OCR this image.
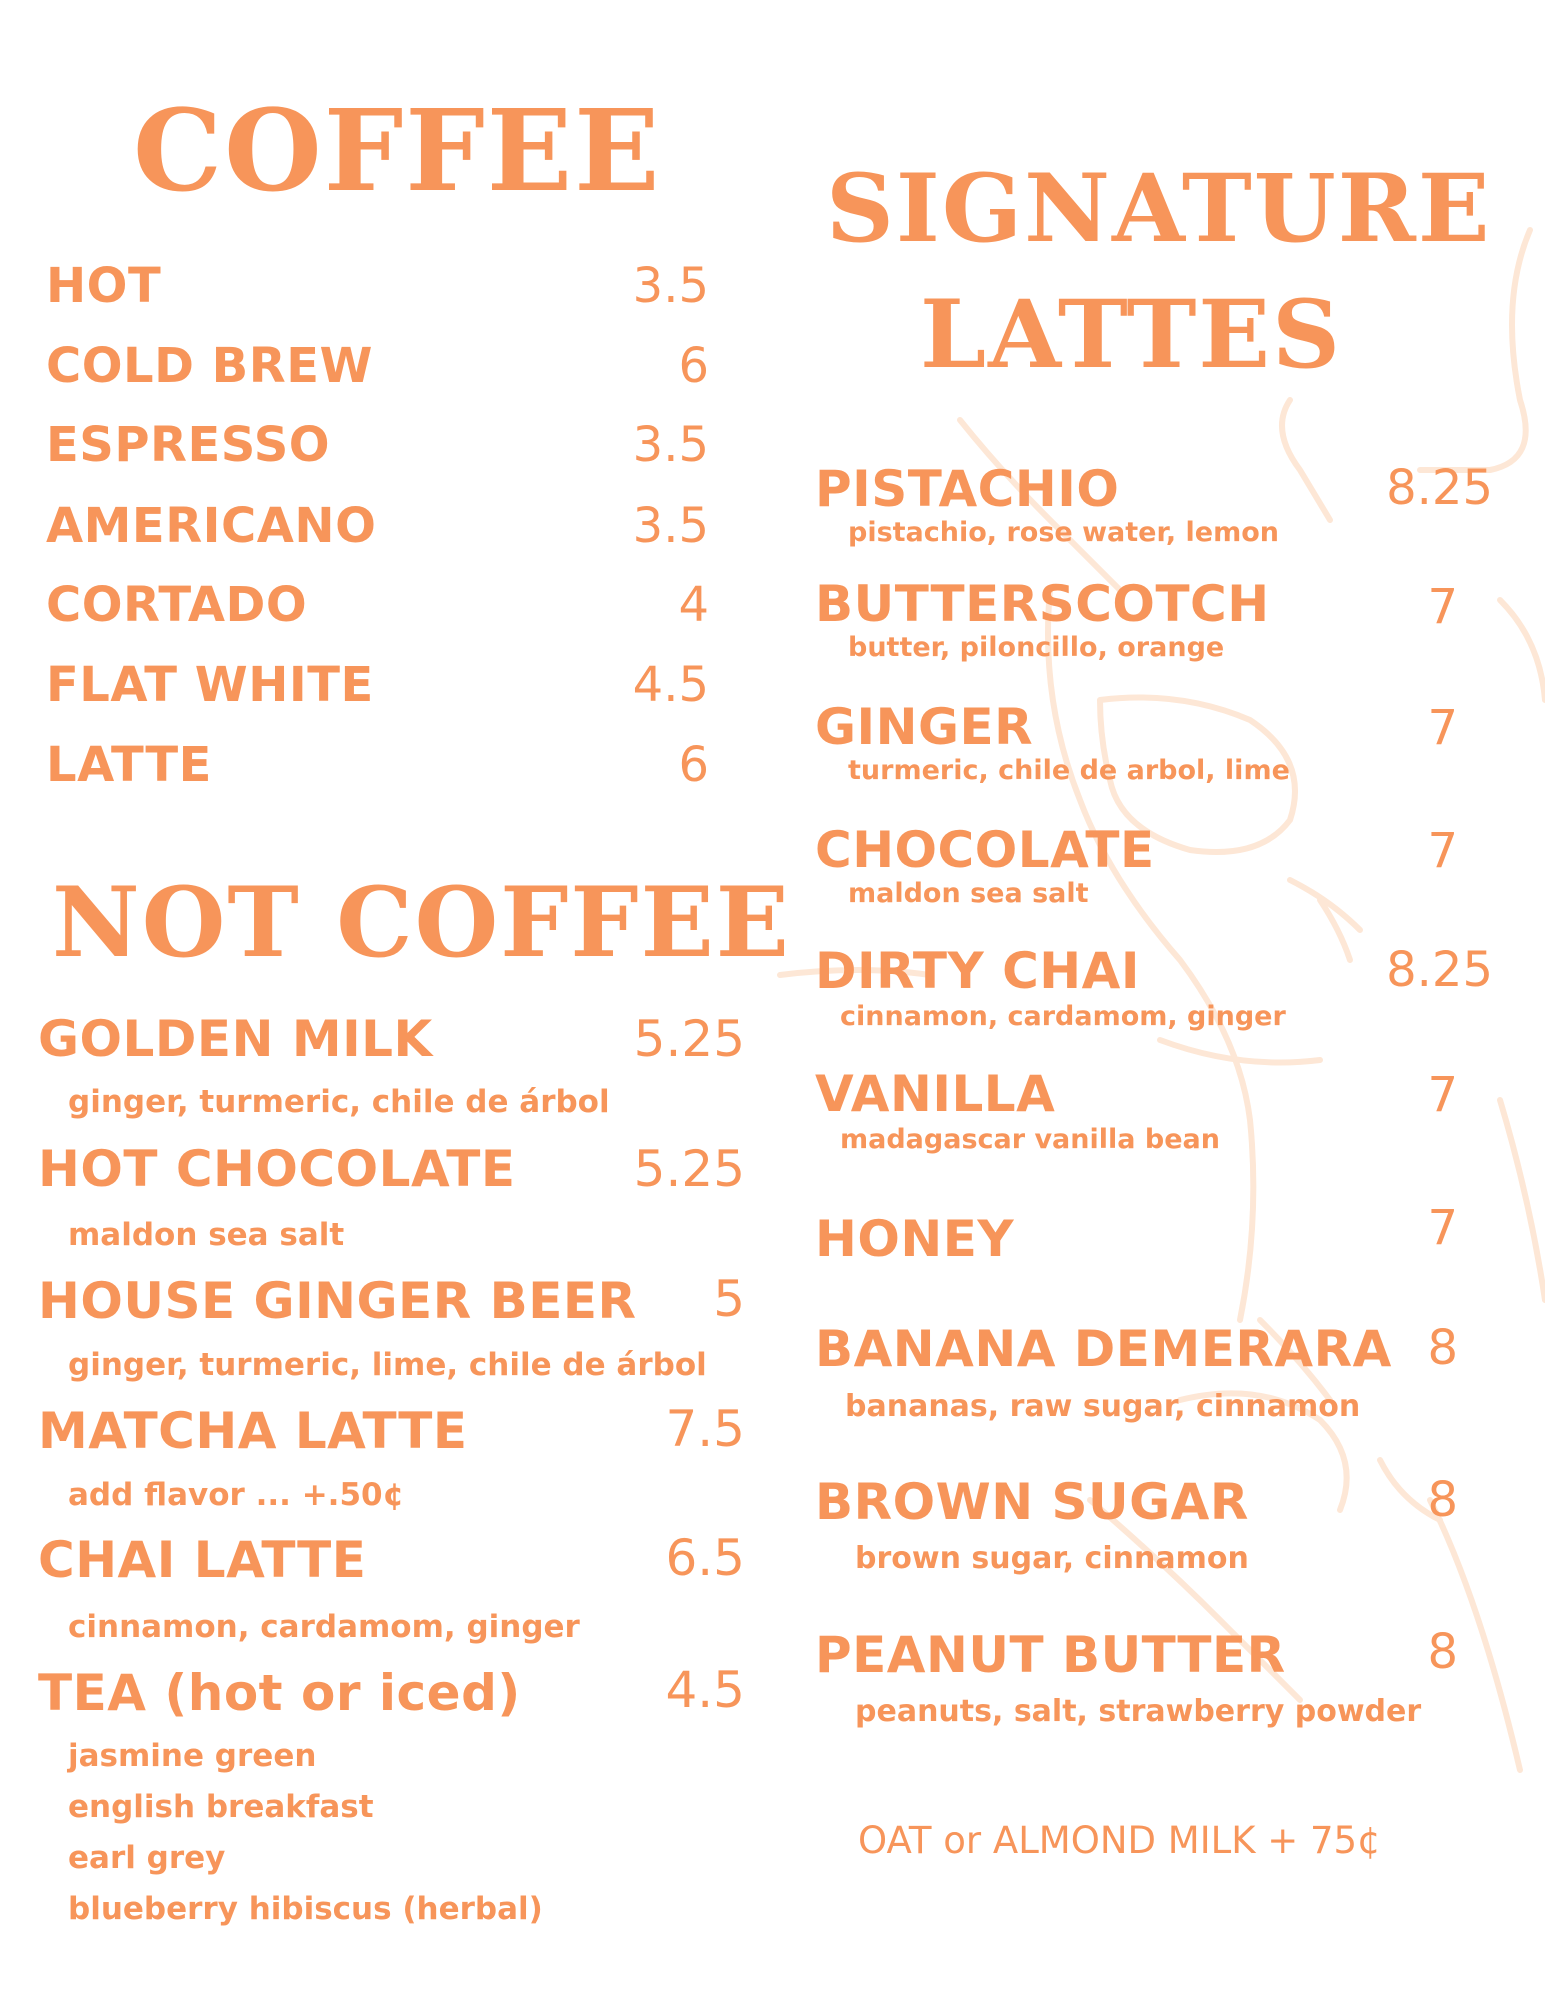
COFFEE
HOT	3.5
COLD BREW	6
ESPRESSO	3.5
AMERICANO	3.5
CORTADO	4
FLAT WHITE	4.5
LATTE	6
NOT COFFEE
GOLDEN MILK	5.25
ginger, turmeric, chile de árbol
HOT CHOCOLATE 5.25
maldon sea salt
HOUSE GINGER BEER 5
ginger, turmeric, lime, chile de árbol
MATCHA LATTE	7.5
add flavor ... +.50¢
CHAI LATTE	6.5
cinnamon, cardamom, ginger
TEA (hot or iced)	4.5
jasmine green
english breakfast
earl grey
blueberry hibiscus (herbal)
SIGNATURE
LATTES
PISTACHIO	8.25
pistachio, rose water, lemon
BUTTERSCOTCH	7
butter, piloncillo, orange
GINGER	7
turmeric, chile de arbol, lime
CHOCOLATE	7
maldon sea salt
DIRTY CHAI	8.25
cinnamon, cardamom, ginger
VANILLA	7
madagascar vanilla bean
HONEY	7
BANANA DEMERARA 8
bananas, raw sugar, cinnamon
BROWN SUGAR	8
brown sugar, cinnamon
PEANUT BUTTER	8
peanuts, salt, strawberry powder
OAT or ALMOND MILK + 75¢
